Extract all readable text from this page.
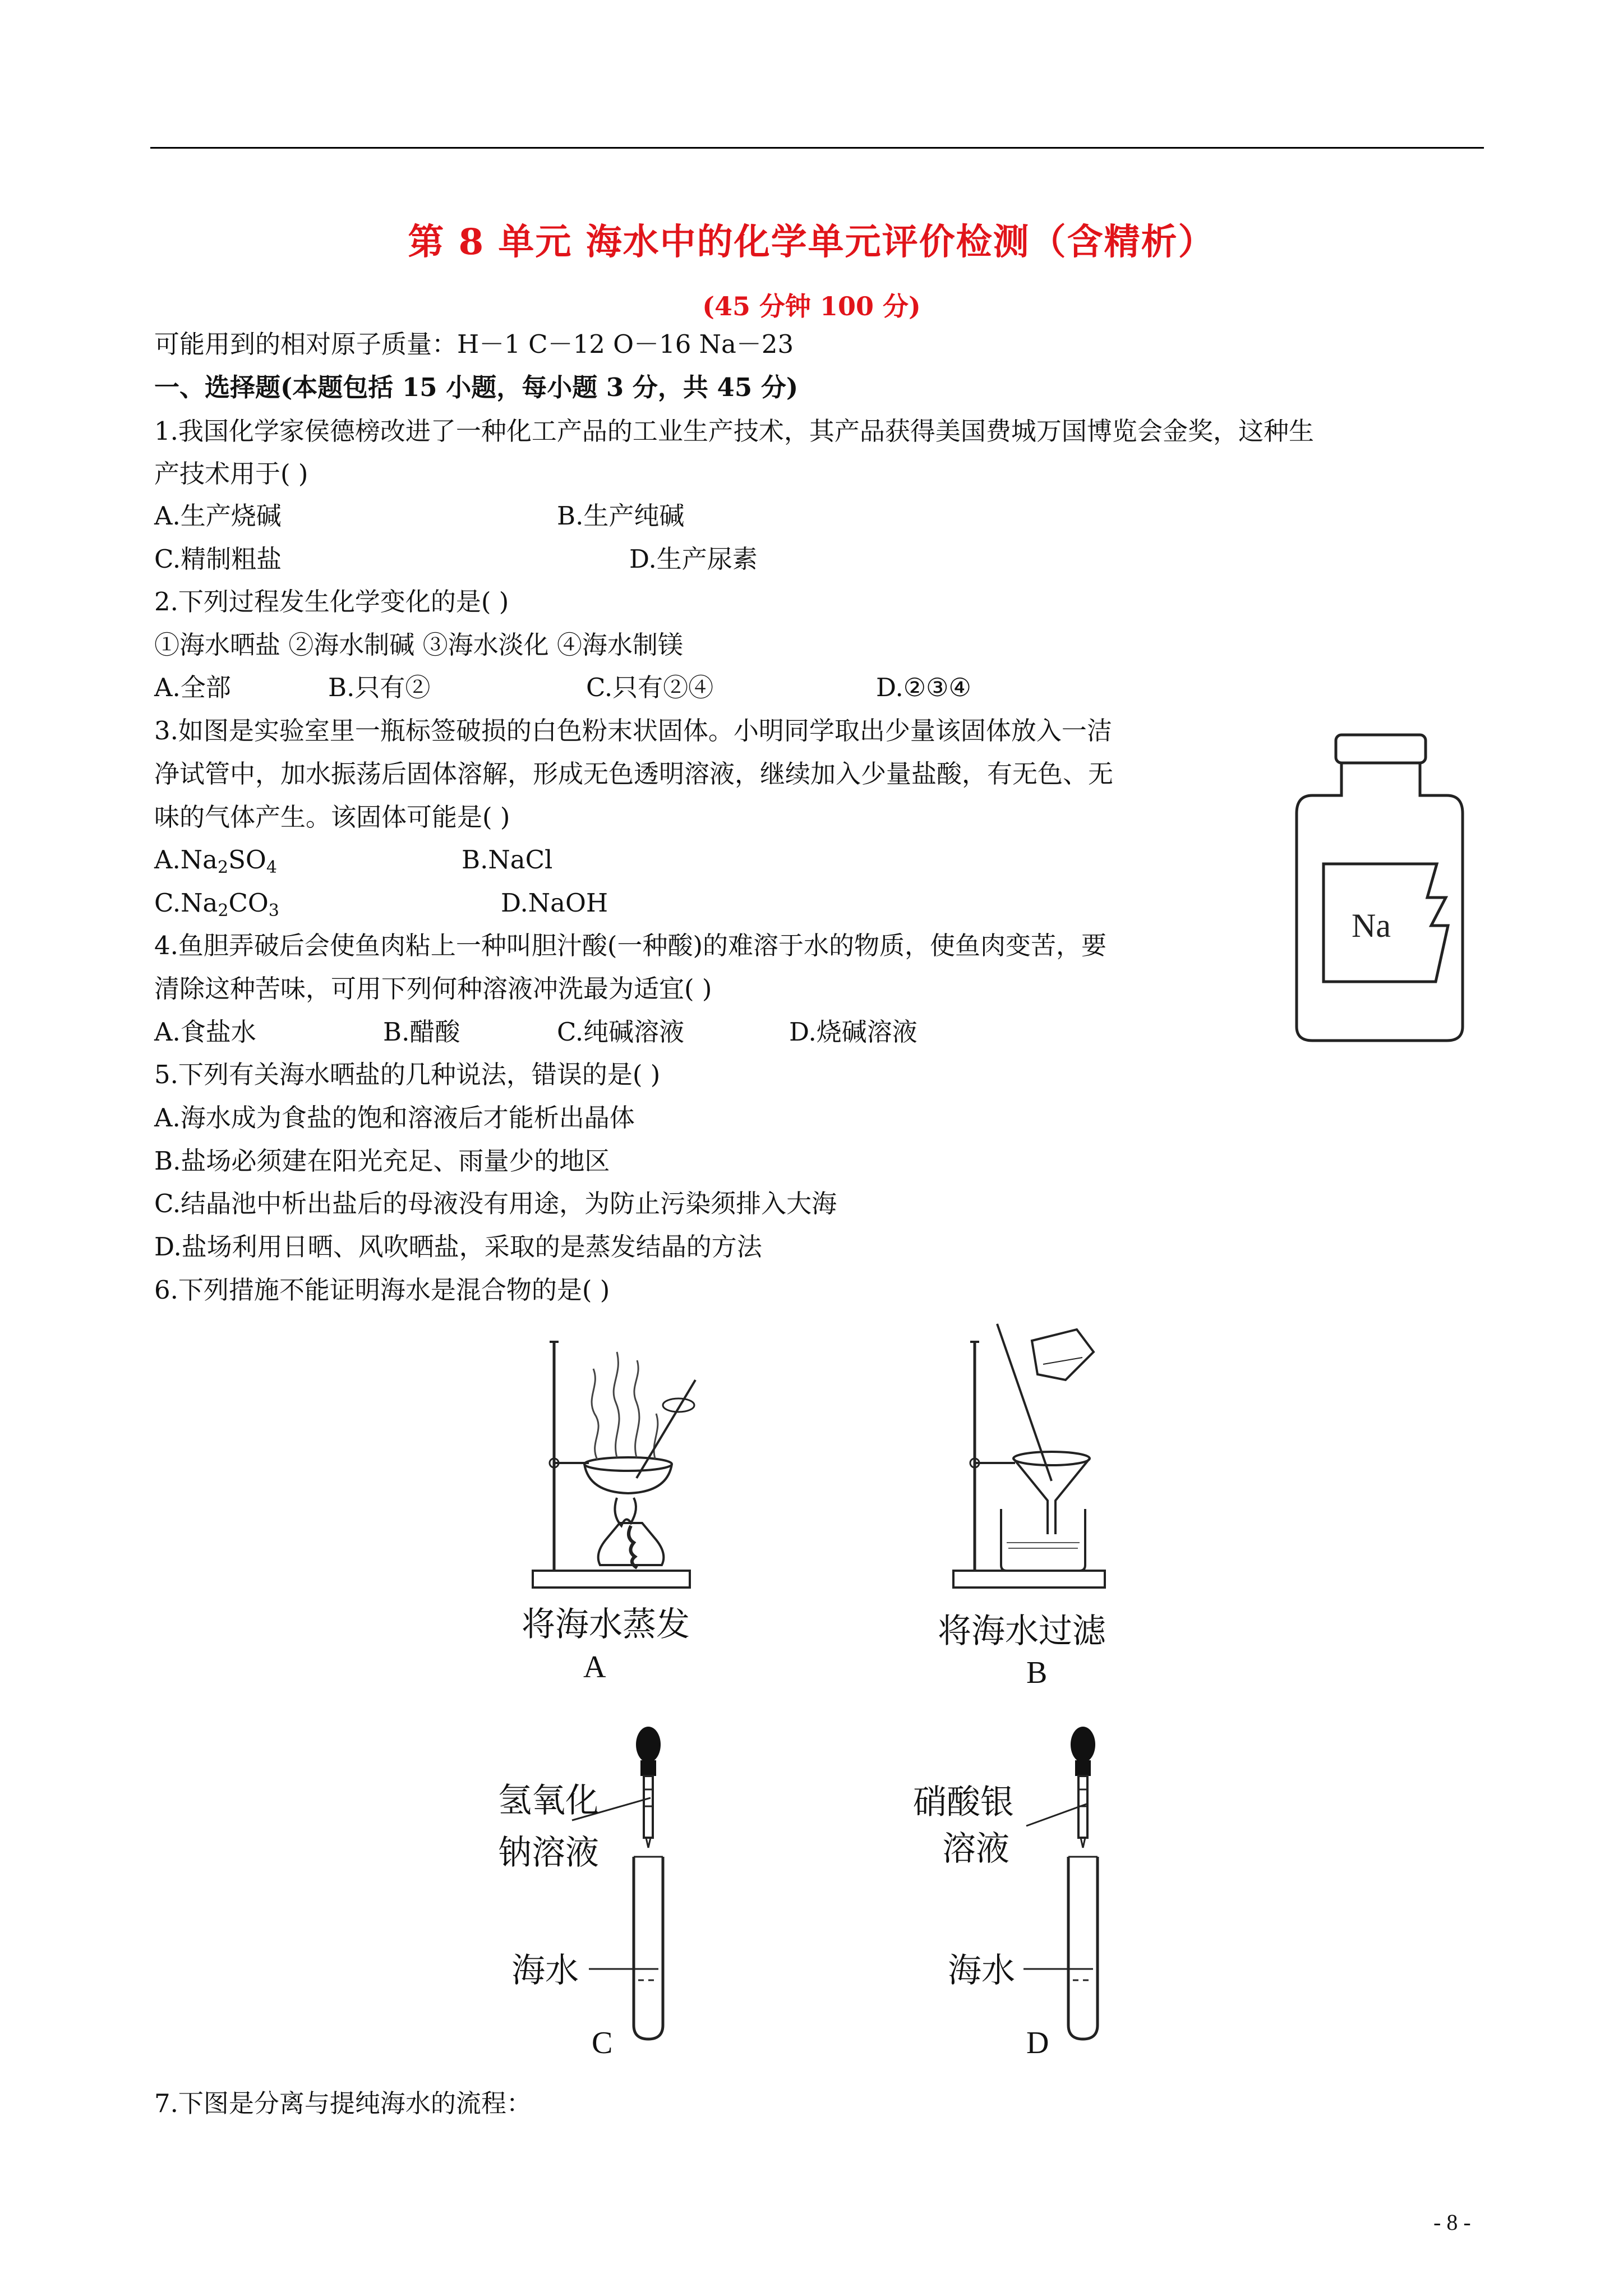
第 8 单元 海水中的化学单元评价检测（含精析）
(45 分钟 100 分)
可能用到的相对原子质量：H－1 C－12 O－16 Na－23
一、选择题(本题包括 15 小题，每小题 3 分，共 45 分)
1.我国化学家侯德榜改进了一种化工产品的工业生产技术，其产品获得美国费城万国博览会金奖，这种生
产技术用于( )
A.生产烧碱	B.生产纯碱
C.精制粗盐	D.生产尿素
2.下列过程发生化学变化的是( )
①海水晒盐 ②海水制碱 ③海水淡化 ④海水制镁
A.全部	B.只有②	C.只有②④	D.②③④
3.如图是实验室里一瓶标签破损的白色粉末状固体。小明同学取出少量该固体放入一洁
净试管中，加水振荡后固体溶解，形成无色透明溶液，继续加入少量盐酸，有无色、无
味的气体产生。该固体可能是( )
$A.Na_2SO_4$	B.NaCl
$C.Na_2CO_3$	D.NaOH
Na
4.鱼胆弄破后会使鱼肉粘上一种叫胆汁酸(一种酸)的难溶于水的物质，使鱼肉变苦，要
清除这种苦味，可用下列何种溶液冲洗最为适宜( )
A.食盐水	B.醋酸	C.纯碱溶液	D.烧碱溶液
5.下列有关海水晒盐的几种说法，错误的是( )
A.海水成为食盐的饱和溶液后才能析出晶体
B.盐场必须建在阳光充足、雨量少的地区
C.结晶池中析出盐后的母液没有用途，为防止污染须排入大海
D.盐场利用日晒、风吹晒盐，采取的是蒸发结晶的方法
6.下列措施不能证明海水是混合物的是( )
将海水蒸发
A
将海水过滤
B
氢氧化
钠溶液
海水
C
硝酸银
溶液
海水
D
7.下图是分离与提纯海水的流程：
- 8 -
